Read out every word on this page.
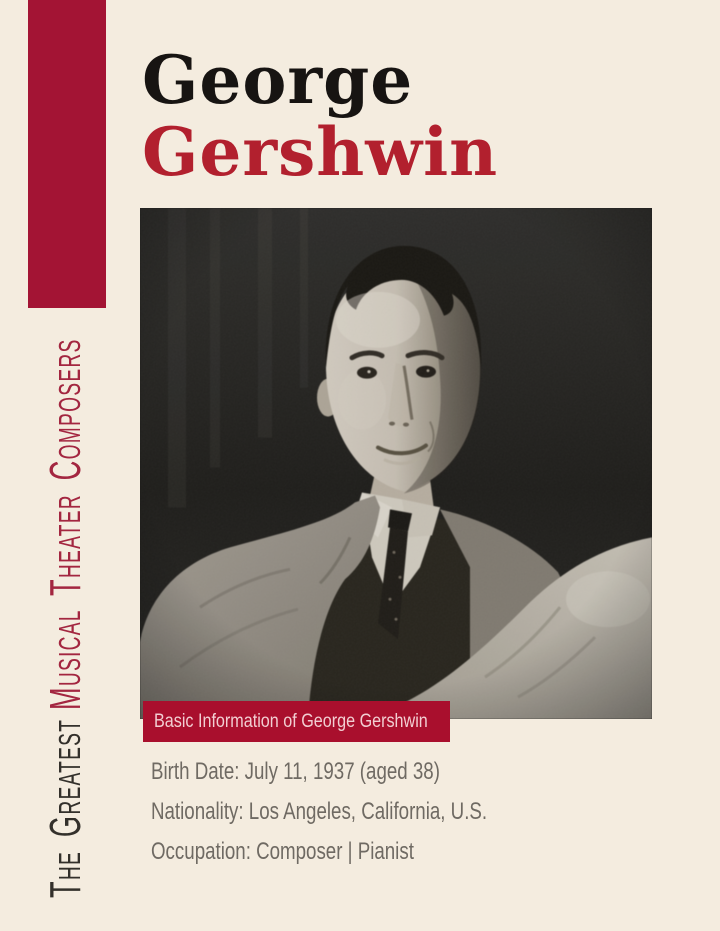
The GreatestMusical Theater Composers
George
Gershwin
Basic Information of George Gershwin
Birth Date: July 11, 1937 (aged 38)
Nationality: Los Angeles, California, U.S.
Occupation: Composer | Pianist
